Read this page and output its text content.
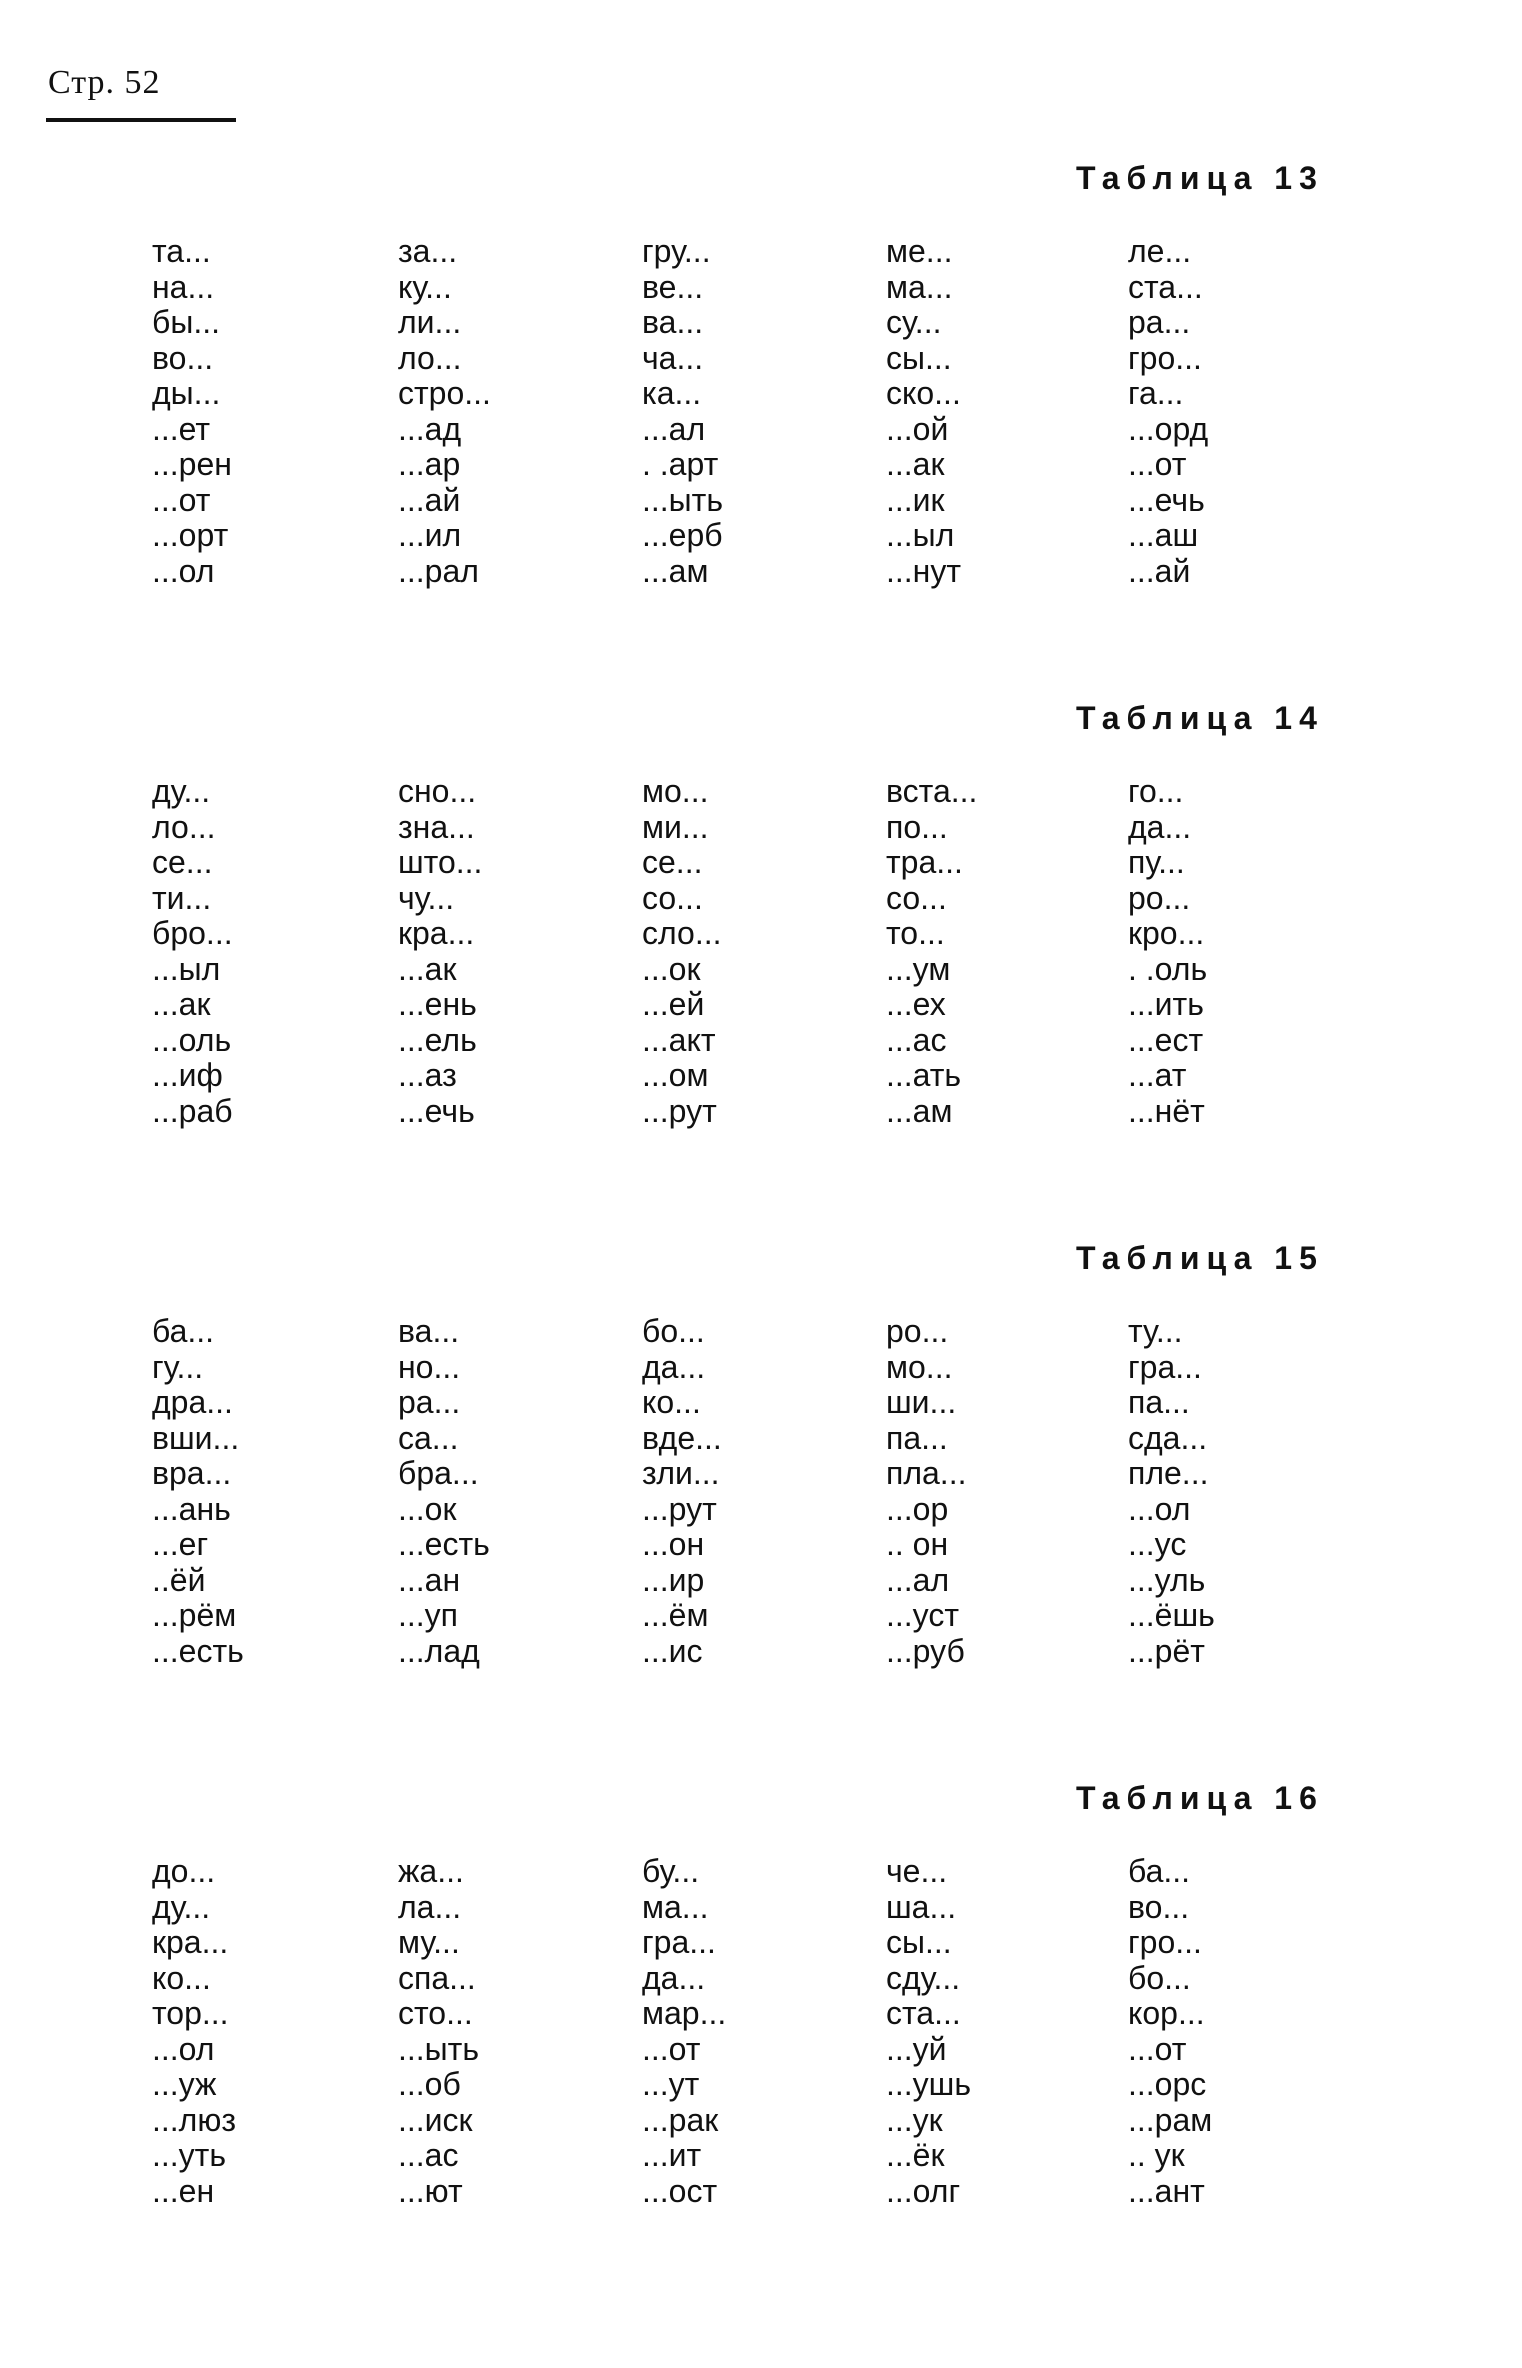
Стр. 52
Таблица 13
та...
на...
бы...
во...
ды...
...ет
...рен
...от
...орт
...ол
за...
ку...
ли...
ло...
стро...
...ад
...ар
...ай
...ил
...рал
гру...
ве...
ва...
ча...
ка...
...ал
. .арт
...ыть
...ерб
...ам
ме...
ма...
су...
сы...
ско...
...ой
...ак
...ик
...ыл
...нут
ле...
ста...
ра...
гро...
га...
...орд
...от
...ечь
...аш
...ай
Таблица 14
ду...
ло...
се...
ти...
бро...
...ыл
...ак
...оль
...иф
...раб
сно...
зна...
што...
чу...
кра...
...ак
...ень
...ель
...аз
...ечь
мо...
ми...
се...
со...
сло...
...ок
...ей
...акт
...ом
...рут
вста...
по...
тра...
со...
то...
...ум
...ех
...ас
...ать
...ам
го...
да...
пу...
ро...
кро...
. .оль
...ить
...ест
...ат
...нёт
Таблица 15
ба...
гу...
дра...
вши...
вра...
...ань
...ег
..ёй
...рём
...есть
ва...
но...
ра...
са...
бра...
...ок
...есть
...ан
...уп
...лад
бо...
да...
ко...
вде...
зли...
...рут
...он
...ир
...ём
...ис
ро...
мо...
ши...
па...
пла...
...ор
.. он
...ал
...уст
...руб
ту...
гра...
па...
сда...
пле...
...ол
...ус
...уль
...ёшь
...рёт
Таблица 16
до...
ду...
кра...
ко...
тор...
...ол
...уж
...люз
...уть
...ен
жа...
ла...
му...
спа...
сто...
...ыть
...об
...иск
...ас
...ют
бу...
ма...
гра...
да...
мар...
...от
...ут
...рак
...ит
...ост
че...
ша...
сы...
сду...
ста...
...уй
...ушь
...ук
...ёк
...олг
ба...
во...
гро...
бо...
кор...
...от
...орс
...рам
.. ук
...ант
